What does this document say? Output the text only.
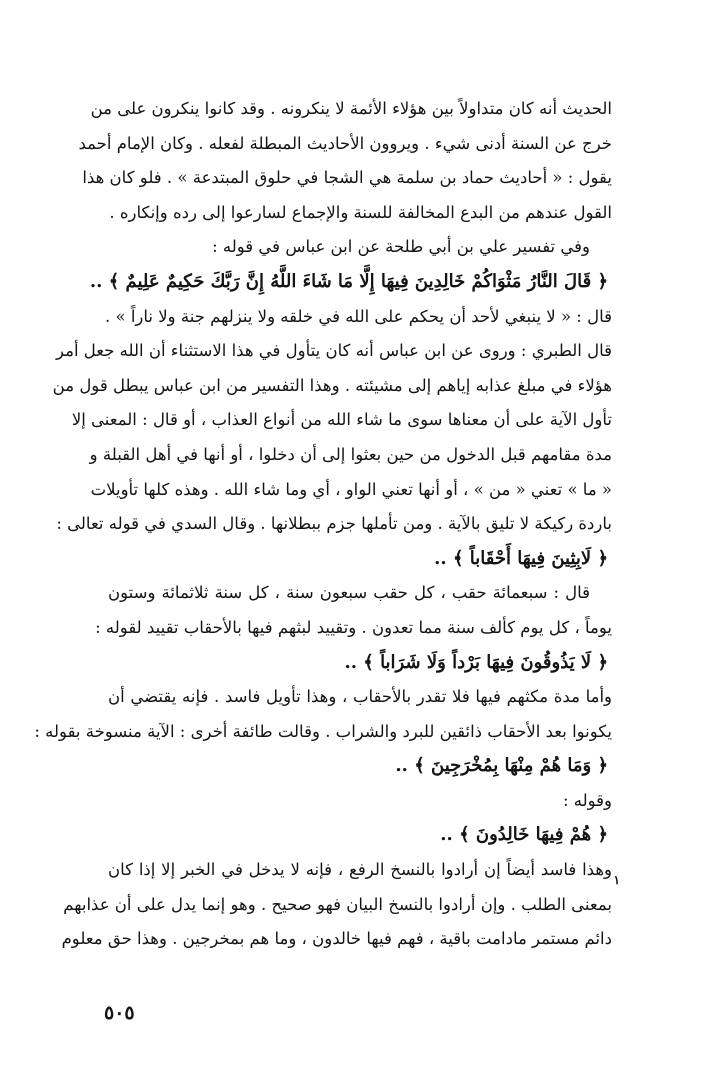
الحديث أنه كان متداولاً بين هؤلاء الأئمة لا ينكرونه . وقد كانوا ينكرون على من
خرج عن السنة أدنى شيء . ويروون الأحاديث المبطلة لفعله . وكان الإمام أحمد
يقول : « أحاديث حماد بن سلمة هي الشجا في حلوق المبتدعة » . فلو كان هذا
القول عندهم من البدع المخالفة للسنة والإجماع لسارعوا إلى رده وإنكاره .
وفي تفسير علي بن أبي طلحة عن ابن عباس في قوله :
﴿ قَالَ النَّارُ مَثْوَاكُمْ خَالِدِينَ فِيهَا إِلَّا مَا شَاءَ اللَّهُ إِنَّ رَبَّكَ حَكِيمٌ عَلِيمٌ ﴾ ..
قال : « لا ينبغي لأحد أن يحكم على الله في خلقه ولا ينزلهم جنة ولا ناراً » .
قال الطبري : وروى عن ابن عباس أنه كان يتأول في هذا الاستثناء أن الله جعل أمر
هؤلاء في مبلغ عذابه إياهم إلى مشيئته . وهذا التفسير من ابن عباس يبطل قول من
تأول الآية على أن معناها سوى ما شاء الله من أنواع العذاب ، أو قال : المعنى إلا
مدة مقامهم قبل الدخول من حين بعثوا إلى أن دخلوا ، أو أنها في أهل القبلة و
« ما » تعني « من » ، أو أنها تعني الواو ، أي وما شاء الله . وهذه كلها تأويلات
باردة ركيكة لا تليق بالآية . ومن تأملها جزم ببطلانها . وقال السدي في قوله تعالى :
﴿ لَابِثِينَ فِيهَا أَحْقَاباً ﴾ ..
قال : سبعمائة حقب ، كل حقب سبعون سنة ، كل سنة ثلاثمائة وستون
يوماً ، كل يوم كألف سنة مما تعدون . وتقييد لبثهم فيها بالأحقاب تقييد لقوله :
﴿ لَا يَذُوقُونَ فِيهَا بَرْداً وَلَا شَرَاباً ﴾ ..
وأما مدة مكثهم فيها فلا تقدر بالأحقاب ، وهذا تأويل فاسد . فإنه يقتضي أن
يكونوا بعد الأحقاب ذائقين للبرد والشراب . وقالت طائفة أخرى : الآية منسوخة بقوله :
﴿ وَمَا هُمْ مِنْهَا بِمُخْرَجِينَ ﴾ ..
وقوله :
﴿ هُمْ فِيهَا خَالِدُونَ ﴾ ..
وهذا فاسد أيضاً إن أرادوا بالنسخ الرفع ، فإنه لا يدخل في الخبر إلا إذا كان
بمعنى الطلب . وإن أرادوا بالنسخ البيان فهو صحيح . وهو إنما يدل على أن عذابهم
دائم مستمر مادامت باقية ، فهم فيها خالدون ، وما هم بمخرجين . وهذا حق معلوم
١
٥٠٥
